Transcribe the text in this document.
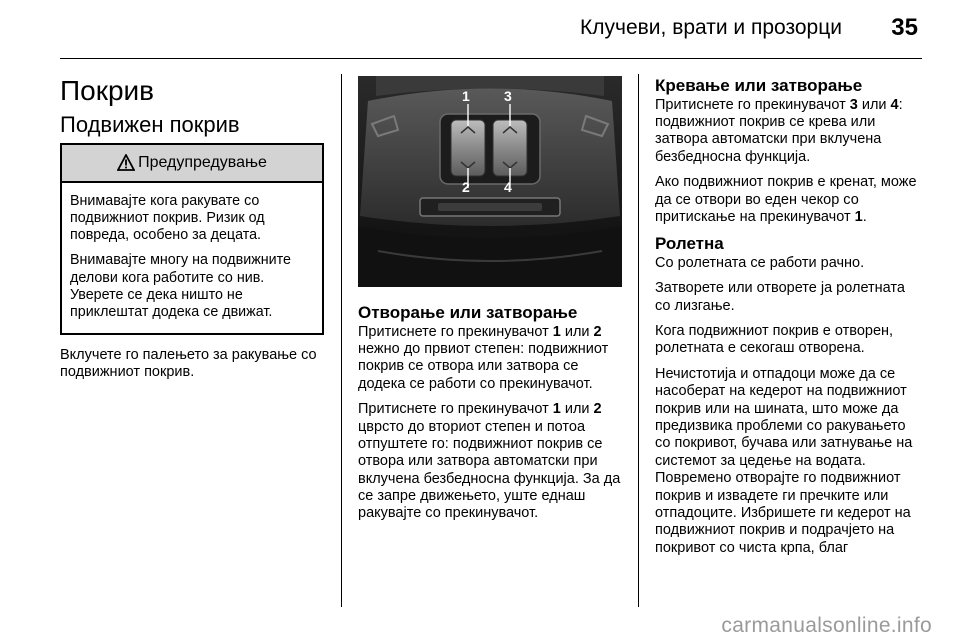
Клучеви, врати и прозорци 35
Покрив
Подвижен покрив
Предупредување

Внимавајте кога ракувате со подвижниот покрив. Ризик од повреда, особено за децата.

Внимавајте многу на подвижните делови кога работите со нив. Уверете се дека ништо не приклештат додека се движат.

Вклучете го палењето за ракување со подвижниот покрив.

1 3
2 4
Отворање или затворање

Притиснете го прекинувачот 1 или 2 нежно до првиот степен: подвижниот покрив се отвора или затвора се додека се работи со прекинувачот.

Притиснете го прекинувачот 1 или 2 цврсто до вториот степен и потоа отпуштете го: подвижниот покрив се отвора или затвора автоматски при вклучена безбедносна функција. За да се запре движењето, уште еднаш ракувајте со прекинувачот.

Кревање или затворање

Притиснете го прекинувачот 3 или 4: подвижниот покрив се крева или затвора автоматски при вклучена безбедносна функција.

Ако подвижниот покрив е кренат, може да се отвори во еден чекор со притискање на прекинувачот 1.

Ролетна

Со ролетната се работи рачно.

Затворете или отворете ја ролетната со лизгање.

Кога подвижниот покрив е отворен, ролетната е секогаш отворена.

Нечистотија и отпадоци може да се насоберат на кедерот на подвижниот покрив или на шината, што може да предизвика проблеми со ракувањето со покривот, бучава или затнување на системот за цедење на водата. Повремено отворајте го подвижниот покрив и извадете ги пречките или отпадоците. Избришете ги кедерот на подвижниот покрив и подрачјето на покривот со чиста крпа, благ

carmanualsonline.info
